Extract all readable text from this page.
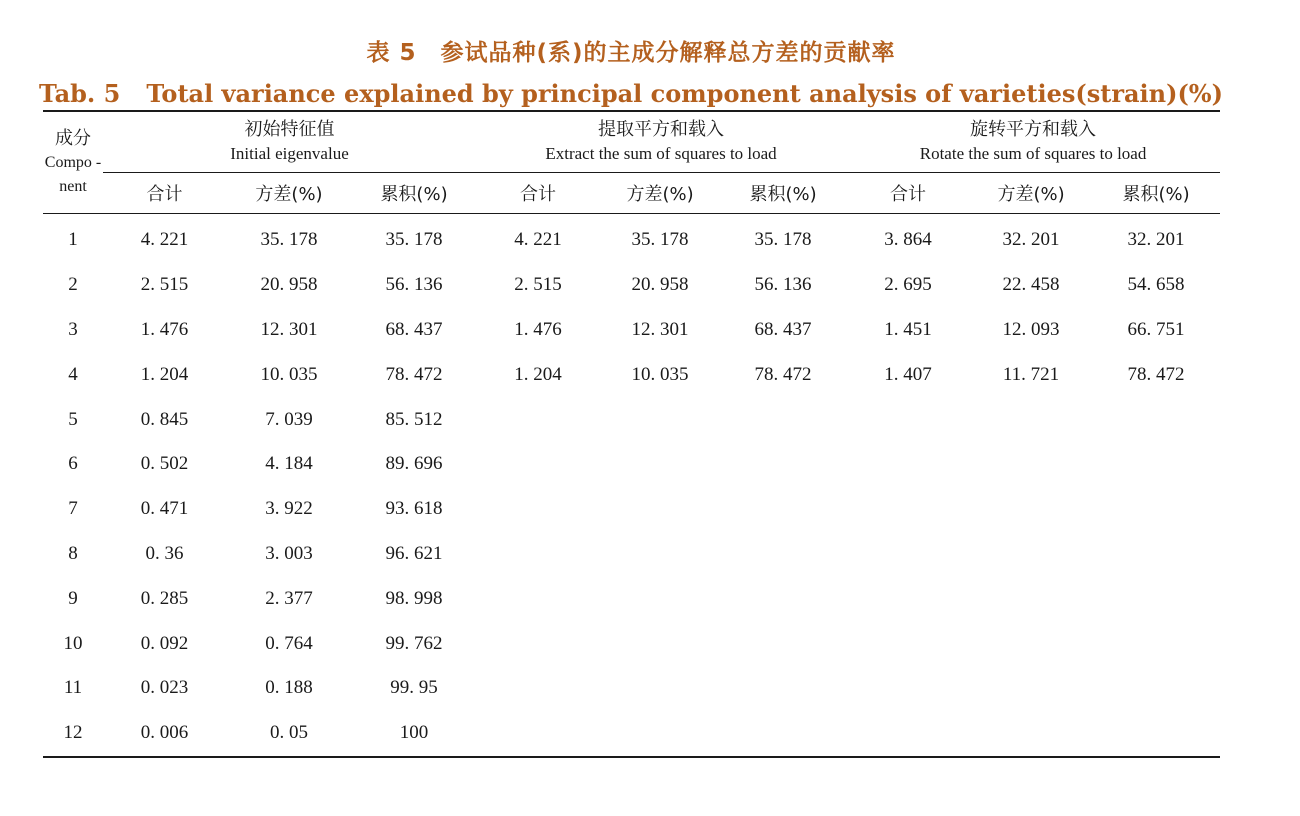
表 5　参试品种(系)的主成分解释总方差的贡献率
Tab. 5 Total variance explained by principal component analysis of varieties(strain)(%)
成分
Compo - nent	初始特征值
Initial eigenvalue			提取平方和载入
Extract the sum of squares to load			旋转平方和载入
Rotate the sum of squares to load		

	合计	方差(%)	累积(%)	合计	方差(%)	累积(%)	合计	方差(%)	累积(%)
1	4. 221	35. 178	35. 178	4. 221	35. 178	35. 178	3. 864	32. 201	32. 201
2	2. 515	20. 958	56. 136	2. 515	20. 958	56. 136	2. 695	22. 458	54. 658
3	1. 476	12. 301	68. 437	1. 476	12. 301	68. 437	1. 451	12. 093	66. 751
4	1. 204	10. 035	78. 472	1. 204	10. 035	78. 472	1. 407	11. 721	78. 472
5	0. 845	7. 039	85. 512						
6	0. 502	4. 184	89. 696						
7	0. 471	3. 922	93. 618						
8	0. 36	3. 003	96. 621						
9	0. 285	2. 377	98. 998						
10	0. 092	0. 764	99. 762						
11	0. 023	0. 188	99. 95						
12	0. 006	0. 05	100						
